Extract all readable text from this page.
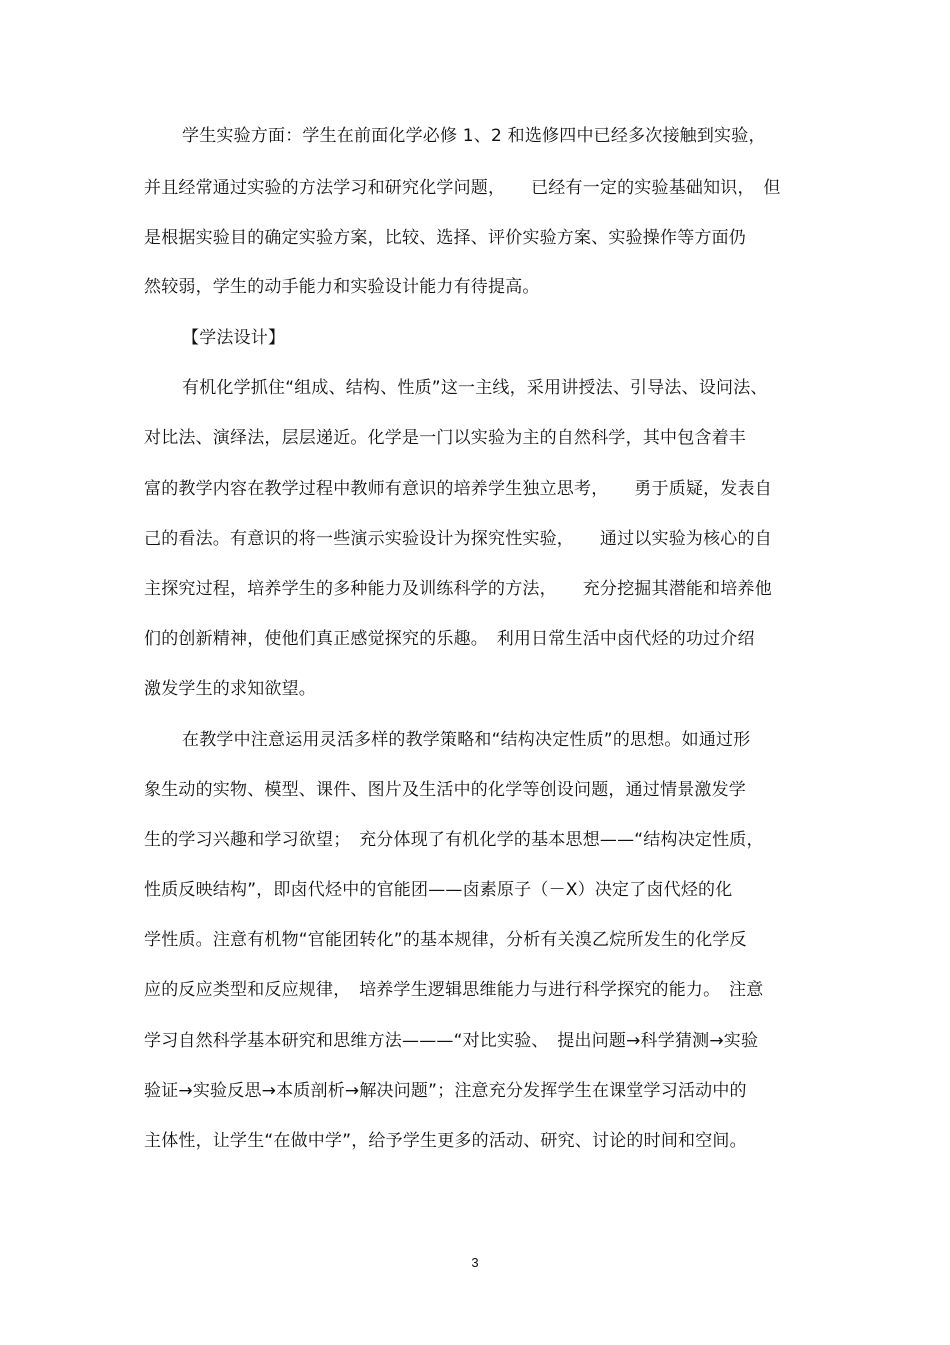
学生实验方面：学生在前面化学必修 1、2 和选修四中已经多次接触到实验，
并且经常通过实验的方法学习和研究化学问题，　　已经有一定的实验基础知识，　但
是根据实验目的确定实验方案，比较、选择、评价实验方案、实验操作等方面仍
然较弱，学生的动手能力和实验设计能力有待提高。
【学法设计】
有机化学抓住“组成、结构、性质”这一主线，采用讲授法、引导法、设问法、
对比法、演绎法，层层递近。化学是一门以实验为主的自然科学，其中包含着丰
富的教学内容在教学过程中教师有意识的培养学生独立思考，　　勇于质疑，发表自
己的看法。有意识的将一些演示实验设计为探究性实验，　　通过以实验为核心的自
主探究过程，培养学生的多种能力及训练科学的方法，　　充分挖掘其潜能和培养他
们的创新精神，使他们真正感觉探究的乐趣。　利用日常生活中卤代烃的功过介绍
激发学生的求知欲望。
在教学中注意运用灵活多样的教学策略和“结构决定性质”的思想。如通过形
象生动的实物、模型、课件、图片及生活中的化学等创设问题，通过情景激发学
生的学习兴趣和学习欲望；　充分体现了有机化学的基本思想——“结构决定性质，
性质反映结构”，即卤代烃中的官能团——卤素原子（－X）决定了卤代烃的化
学性质。注意有机物“官能团转化”的基本规律，分析有关溴乙烷所发生的化学反
应的反应类型和反应规律，　培养学生逻辑思维能力与进行科学探究的能力。　注意
学习自然科学基本研究和思维方法———“对比实验、　提出问题→科学猜测→实验
验证→实验反思→本质剖析→解决问题”；注意充分发挥学生在课堂学习活动中的
主体性，让学生“在做中学”，给予学生更多的活动、研究、讨论的时间和空间。
3
